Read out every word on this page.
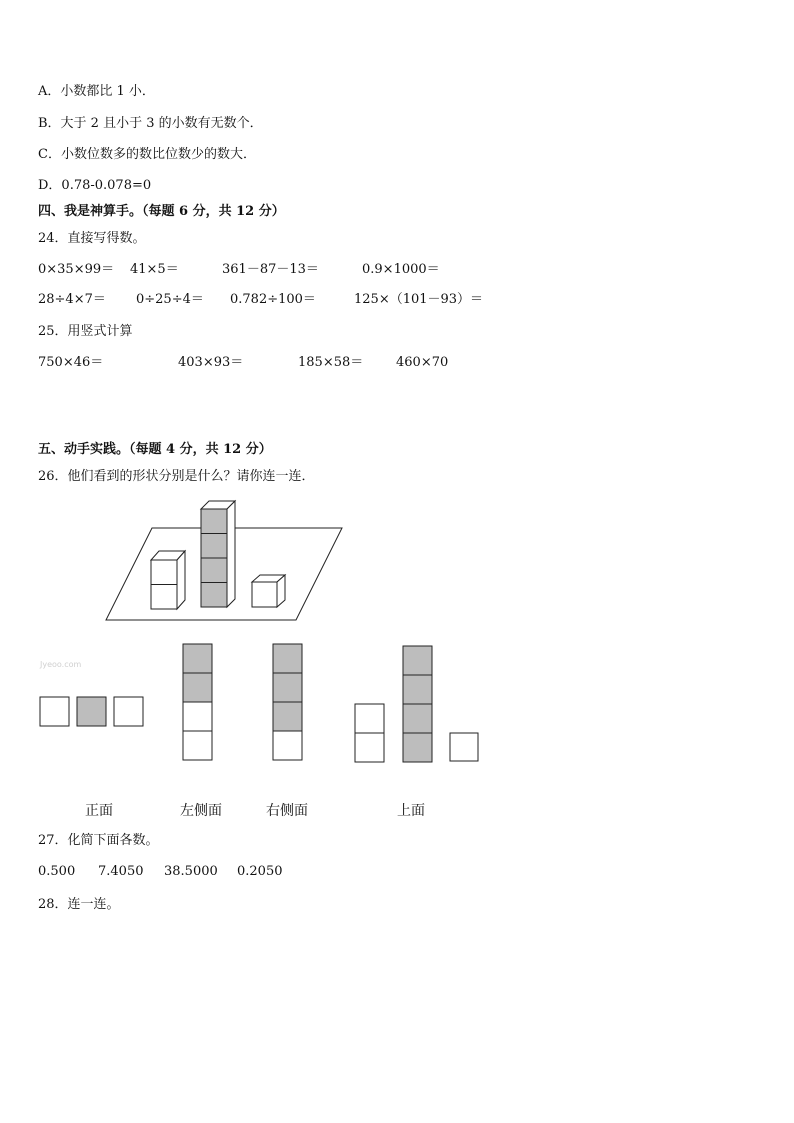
A．小数都比 1 小．
B．大于 2 且小于 3 的小数有无数个．
C．小数位数多的数比位数少的数大．
D．0.78-0.078=0
四、我是神算手。（每题 6 分，共 12 分）
24．直接写得数。
0×35×99＝ 41×5＝	361－87－13＝	0.9×1000＝
28÷4×7＝ 0÷25÷4＝ 0.782÷100＝	125×（101－93）＝
25．用竖式计算
750×46＝	403×93＝	185×58＝	460×70
五、动手实践。（每题 4 分，共 12 分）
26．他们看到的形状分别是什么？请你连一连．
Jyeoo.com
正面	左侧面	右侧面	上面
27．化简下面各数。
0.500 7.4050 38.5000 0.2050
28．连一连。
